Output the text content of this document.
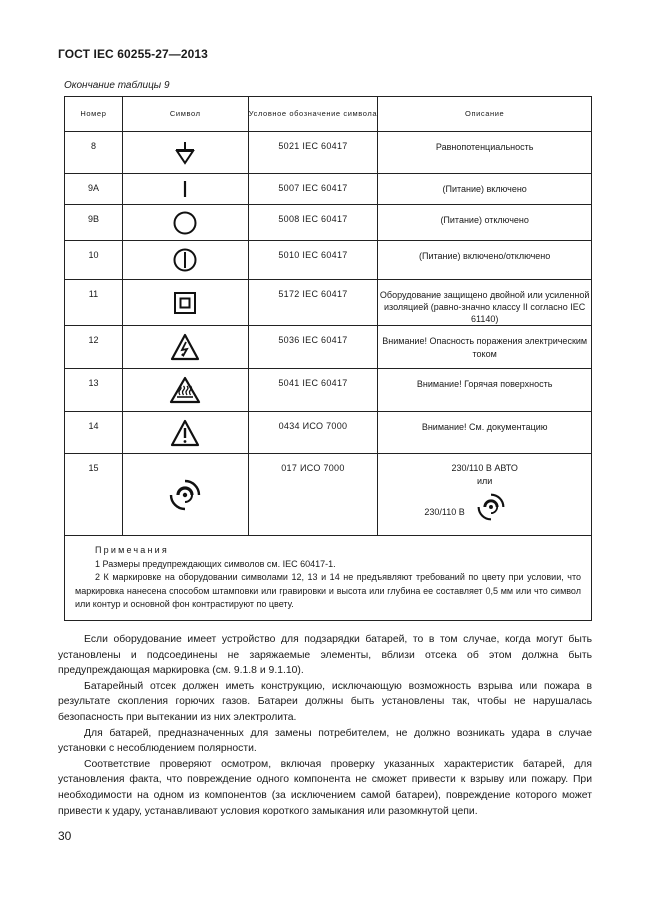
ГОСТ IEC 60255-27—2013
Окончание таблицы 9
Номер	Символ	Условное обозначение символа	Описание
8		5021 IEC 60417	Равнопотенциальность
9А		5007 IEC 60417	(Питание) включено
9В		5008 IEC 60417	(Питание) отключено
10		5010 IEC 60417	(Питание) включено/отключено
11		5172 IEC 60417	Оборудование защищено двойной или усиленной изоляцией (равно-значно классу II согласно IEC 61140)
12		5036 IEC 60417	Внимание! Опасность поражения электрическим током
13		5041 IEC 60417	Внимание! Горячая поверхность
14		0434 ИСО 7000	Внимание! См. документацию
15		017 ИСО 7000	230/110 В АВТО
или
230/110 В

Примечания
1 Размеры предупреждающих символов см. IEC 60417-1.
2 К маркировке на оборудовании символами 12, 13 и 14 не предъявляют требований по цвету при условии, что маркировка нанесена способом штамповки или гравировки и высота или глубина ее составляет 0,5 мм или что символ или контур и основной фон контрастируют по цвету.			

Если оборудование имеет устройство для подзарядки батарей, то в том случае, когда могут быть установлены и подсоединены не заряжаемые элементы, вблизи отсека об этом должна быть предупреждающая маркировка (см. 9.1.8 и 9.1.10).

Батарейный отсек должен иметь конструкцию, исключающую возможность взрыва или пожара в результате скопления горючих газов. Батареи должны быть установлены так, чтобы не нарушалась безопасность при вытекании из них электролита.

Для батарей, предназначенных для замены потребителем, не должно возникать удара в случае установки с несоблюдением полярности.

Соответствие проверяют осмотром, включая проверку указанных характеристик батарей, для установления факта, что повреждение одного компонента не сможет привести к взрыву или пожару. При необходимости на одном из компонентов (за исключением самой батареи), повреждение которого может привести к удару, устанавливают условия короткого замыкания или разомкнутой цепи.

30
